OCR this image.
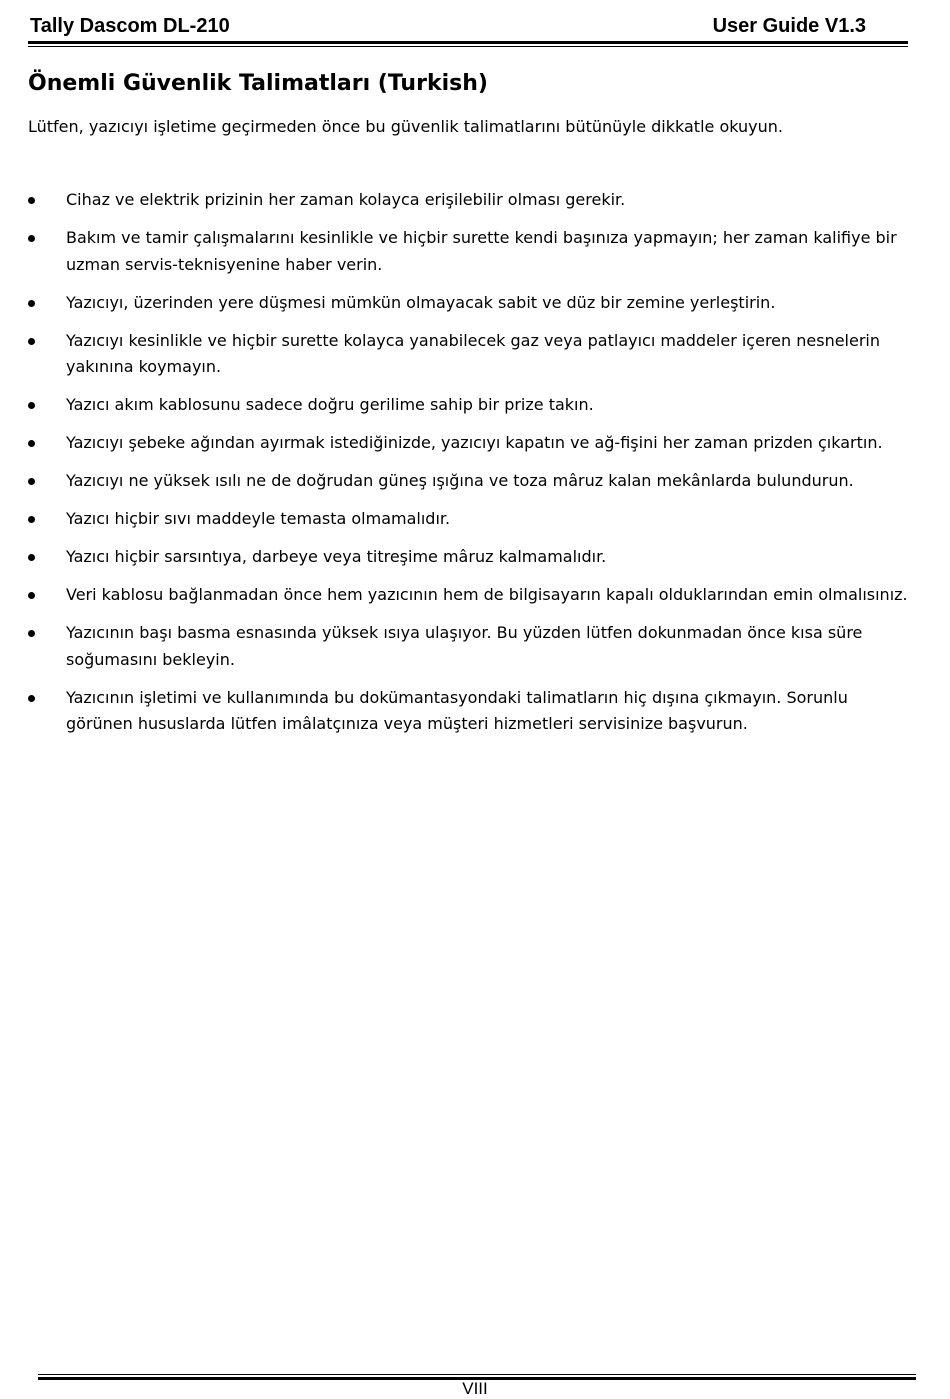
Tally Dascom DL-210	User Guide V1.3
Önemli Güvenlik Talimatları (Turkish)
Lütfen, yazıcıyı işletime geçirmeden önce bu güvenlik talimatlarını bütünüyle dikkatle okuyun.
Cihaz ve elektrik prizinin her zaman kolayca erişilebilir olması gerekir.
Bakım ve tamir çalışmalarını kesinlikle ve hiçbir surette kendi başınıza yapmayın; her zaman kalifiye bir uzman servis-teknisyenine haber verin.
Yazıcıyı, üzerinden yere düşmesi mümkün olmayacak sabit ve düz bir zemine yerleştirin.
Yazıcıyı kesinlikle ve hiçbir surette kolayca yanabilecek gaz veya patlayıcı maddeler içeren nesnelerin yakınına koymayın.
Yazıcı akım kablosunu sadece doğru gerilime sahip bir prize takın.
Yazıcıyı şebeke ağından ayırmak istediğinizde, yazıcıyı kapatın ve ağ-fişini her zaman prizden çıkartın.
Yazıcıyı ne yüksek ısılı ne de doğrudan güneş ışığına ve toza mâruz kalan mekânlarda bulundurun.
Yazıcı hiçbir sıvı maddeyle temasta olmamalıdır.
Yazıcı hiçbir sarsıntıya, darbeye veya titreşime mâruz kalmamalıdır.
Veri kablosu bağlanmadan önce hem yazıcının hem de bilgisayarın kapalı olduklarından emin olmalısınız.
Yazıcının başı basma esnasında yüksek ısıya ulaşıyor. Bu yüzden lütfen dokunmadan önce kısa süre soğumasını bekleyin.
Yazıcının işletimi ve kullanımında bu dokümantasyondaki talimatların hiç dışına çıkmayın. Sorunlu görünen hususlarda lütfen imâlatçınıza veya müşteri hizmetleri servisinize başvurun.
VIII
